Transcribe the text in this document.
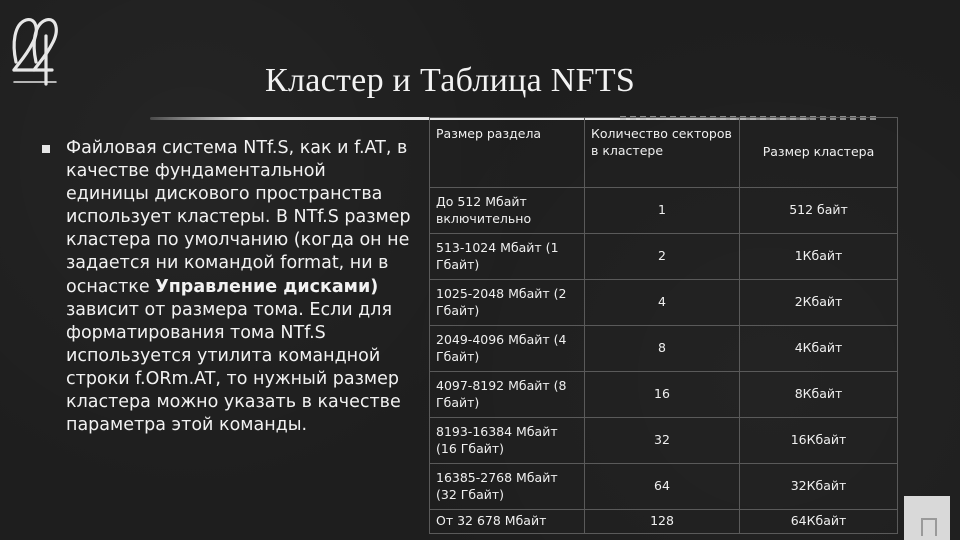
Кластер и Таблица NFTS

Файловая система NTf.S, как и f.AT, в качестве фундаментальной единицы дискового пространства использует кластеры. В NTf.S размер кластера по умолчанию (когда он не задается ни командой format, ни в оснастке Управление дисками) зависит от размера тома. Если для форматирования тома NTf.S используется утилита командной строки f.ORm.AT, то нужный размер кластера можно указать в качестве параметра этой команды.

Размер раздела	Количество секторов в кластере	Размер кластера
До 512 Мбайт включительно	1	512 байт
513-1024 Мбайт (1 Гбайт)	2	1Кбайт
1025-2048 Мбайт (2 Гбайт)	4	2Кбайт
2049-4096 Мбайт (4 Гбайт)	8	4Кбайт
4097-8192 Мбайт (8 Гбайт)	16	8Кбайт
8193-16384 Мбайт (16 Гбайт)	32	16Кбайт
16385-2768 Мбайт (32 Гбайт)	64	32Кбайт
От 32 678 Мбайт	128	64Кбайт
